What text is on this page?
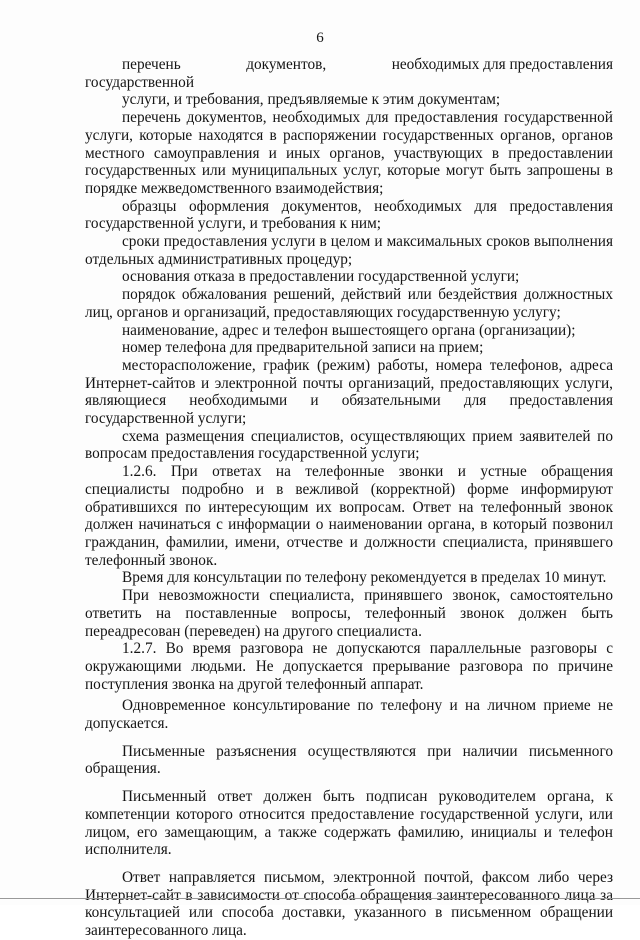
6
перечень	документов,	необходимых для предоставления
государственной

услуги, и требования, предъявляемые к этим документам;

перечень документов, необходимых для предоставления государственной услуги, которые находятся в распоряжении государственных органов, органов местного самоуправления и иных органов, участвующих в предоставлении государственных или муниципальных услуг, которые могут быть запрошены в порядке межведомственного взаимодействия;

образцы оформления документов, необходимых для предоставления государственной услуги, и требования к ним;

сроки предоставления услуги в целом и максимальных сроков выполнения отдельных административных процедур;

основания отказа в предоставлении государственной услуги;

порядок обжалования решений, действий или бездействия должностных лиц, органов и организаций, предоставляющих государственную услугу;

наименование, адрес и телефон вышестоящего органа (организации);

номер телефона для предварительной записи на прием;

месторасположение, график (режим) работы, номера телефонов, адреса Интернет-сайтов и электронной почты организаций, предоставляющих услуги, являющиеся необходимыми и обязательными для предоставления государственной услуги;

схема размещения специалистов, осуществляющих прием заявителей по вопросам предоставления государственной услуги;

1.2.6. При ответах на телефонные звонки и устные обращения специалисты подробно и в вежливой (корректной) форме информируют обратившихся по интересующим их вопросам. Ответ на телефонный звонок должен начинаться с информации о наименовании органа, в который позвонил гражданин, фамилии, имени, отчестве и должности специалиста, принявшего телефонный звонок.

Время для консультации по телефону рекомендуется в пределах 10 минут.

При невозможности специалиста, принявшего звонок, самостоятельно ответить на поставленные вопросы, телефонный звонок должен быть переадресован (переведен) на другого специалиста.

1.2.7. Во время разговора не допускаются параллельные разговоры с окружающими людьми. Не допускается прерывание разговора по причине поступления звонка на другой телефонный аппарат.

Одновременное консультирование по телефону и на личном приеме не допускается.

Письменные разъяснения осуществляются при наличии письменного обращения.

Письменный ответ должен быть подписан руководителем органа, к компетенции которого относится предоставление государственной услуги, или лицом, его замещающим, а также содержать фамилию, инициалы и телефон исполнителя.

Ответ направляется письмом, электронной почтой, факсом либо через Интернет-сайт в зависимости от способа обращения заинтересованного лица за консультацией или способа доставки, указанного в письменном обращении заинтересованного лица.
